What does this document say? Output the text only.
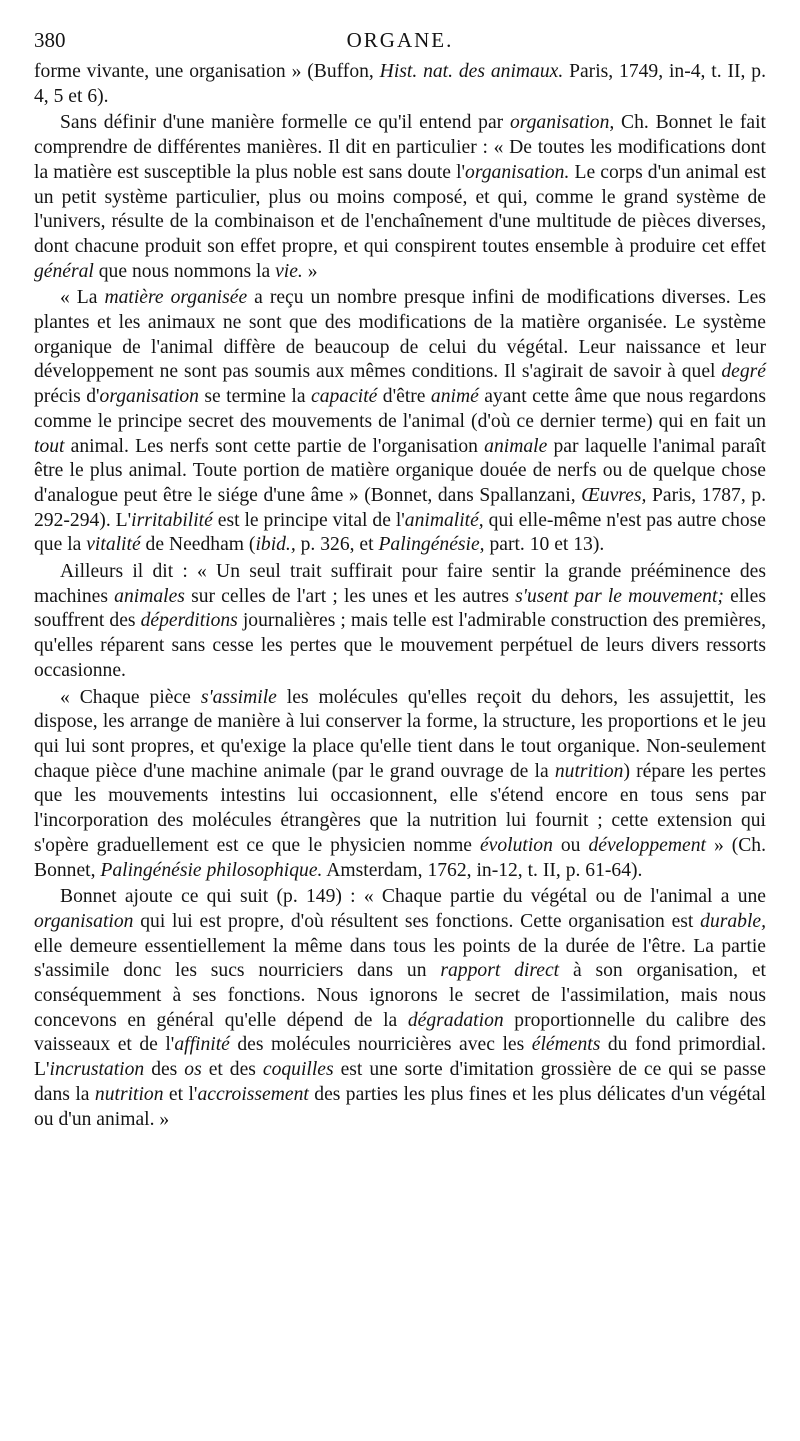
380	ORGANE.

forme vivante, une organisation » (Buffon, Hist. nat. des animaux. Paris, 1749, in-4, t. II, p. 4, 5 et 6).

Sans définir d'une manière formelle ce qu'il entend par organisation, Ch. Bonnet le fait comprendre de différentes manières. Il dit en particulier : « De toutes les modifications dont la matière est susceptible la plus noble est sans doute l'organisation. Le corps d'un animal est un petit système particulier, plus ou moins composé, et qui, comme le grand système de l'univers, résulte de la combinaison et de l'enchaînement d'une multitude de pièces diverses, dont chacune produit son effet propre, et qui conspirent toutes ensemble à produire cet effet général que nous nommons la vie. »

« La matière organisée a reçu un nombre presque infini de modifications diverses. Les plantes et les animaux ne sont que des modifications de la matière organisée. Le système organique de l'animal diffère de beaucoup de celui du végétal. Leur naissance et leur développement ne sont pas soumis aux mêmes conditions. Il s'agirait de savoir à quel degré précis d'organisation se termine la capacité d'être animé ayant cette âme que nous regardons comme le principe secret des mouvements de l'animal (d'où ce dernier terme) qui en fait un tout animal. Les nerfs sont cette partie de l'organisation animale par laquelle l'animal paraît être le plus animal. Toute portion de matière organique douée de nerfs ou de quelque chose d'analogue peut être le siége d'une âme » (Bonnet, dans Spallanzani, Œuvres, Paris, 1787, p. 292-294). L'irritabilité est le principe vital de l'animalité, qui elle-même n'est pas autre chose que la vitalité de Needham (ibid., p. 326, et Palingénésie, part. 10 et 13).

Ailleurs il dit : « Un seul trait suffirait pour faire sentir la grande prééminence des machines animales sur celles de l'art ; les unes et les autres s'usent par le mouvement; elles souffrent des déperditions journalières ; mais telle est l'admirable construction des premières, qu'elles réparent sans cesse les pertes que le mouvement perpétuel de leurs divers ressorts occasionne.

« Chaque pièce s'assimile les molécules qu'elles reçoit du dehors, les assujettit, les dispose, les arrange de manière à lui conserver la forme, la structure, les proportions et le jeu qui lui sont propres, et qu'exige la place qu'elle tient dans le tout organique. Non-seulement chaque pièce d'une machine animale (par le grand ouvrage de la nutrition) répare les pertes que les mouvements intestins lui occasionnent, elle s'étend encore en tous sens par l'incorporation des molécules étrangères que la nutrition lui fournit ; cette extension qui s'opère graduellement est ce que le physicien nomme évolution ou développement » (Ch. Bonnet, Palingénésie philosophique. Amsterdam, 1762, in-12, t. II, p. 61-64).

Bonnet ajoute ce qui suit (p. 149) : « Chaque partie du végétal ou de l'animal a une organisation qui lui est propre, d'où résultent ses fonctions. Cette organisation est durable, elle demeure essentiellement la même dans tous les points de la durée de l'être. La partie s'assimile donc les sucs nourriciers dans un rapport direct à son organisation, et conséquemment à ses fonctions. Nous ignorons le secret de l'assimilation, mais nous concevons en général qu'elle dépend de la dégradation proportionnelle du calibre des vaisseaux et de l'affinité des molécules nourricières avec les éléments du fond primordial. L'incrustation des os et des coquilles est une sorte d'imitation grossière de ce qui se passe dans la nutrition et l'accroissement des parties les plus fines et les plus délicates d'un végétal ou d'un animal. »
